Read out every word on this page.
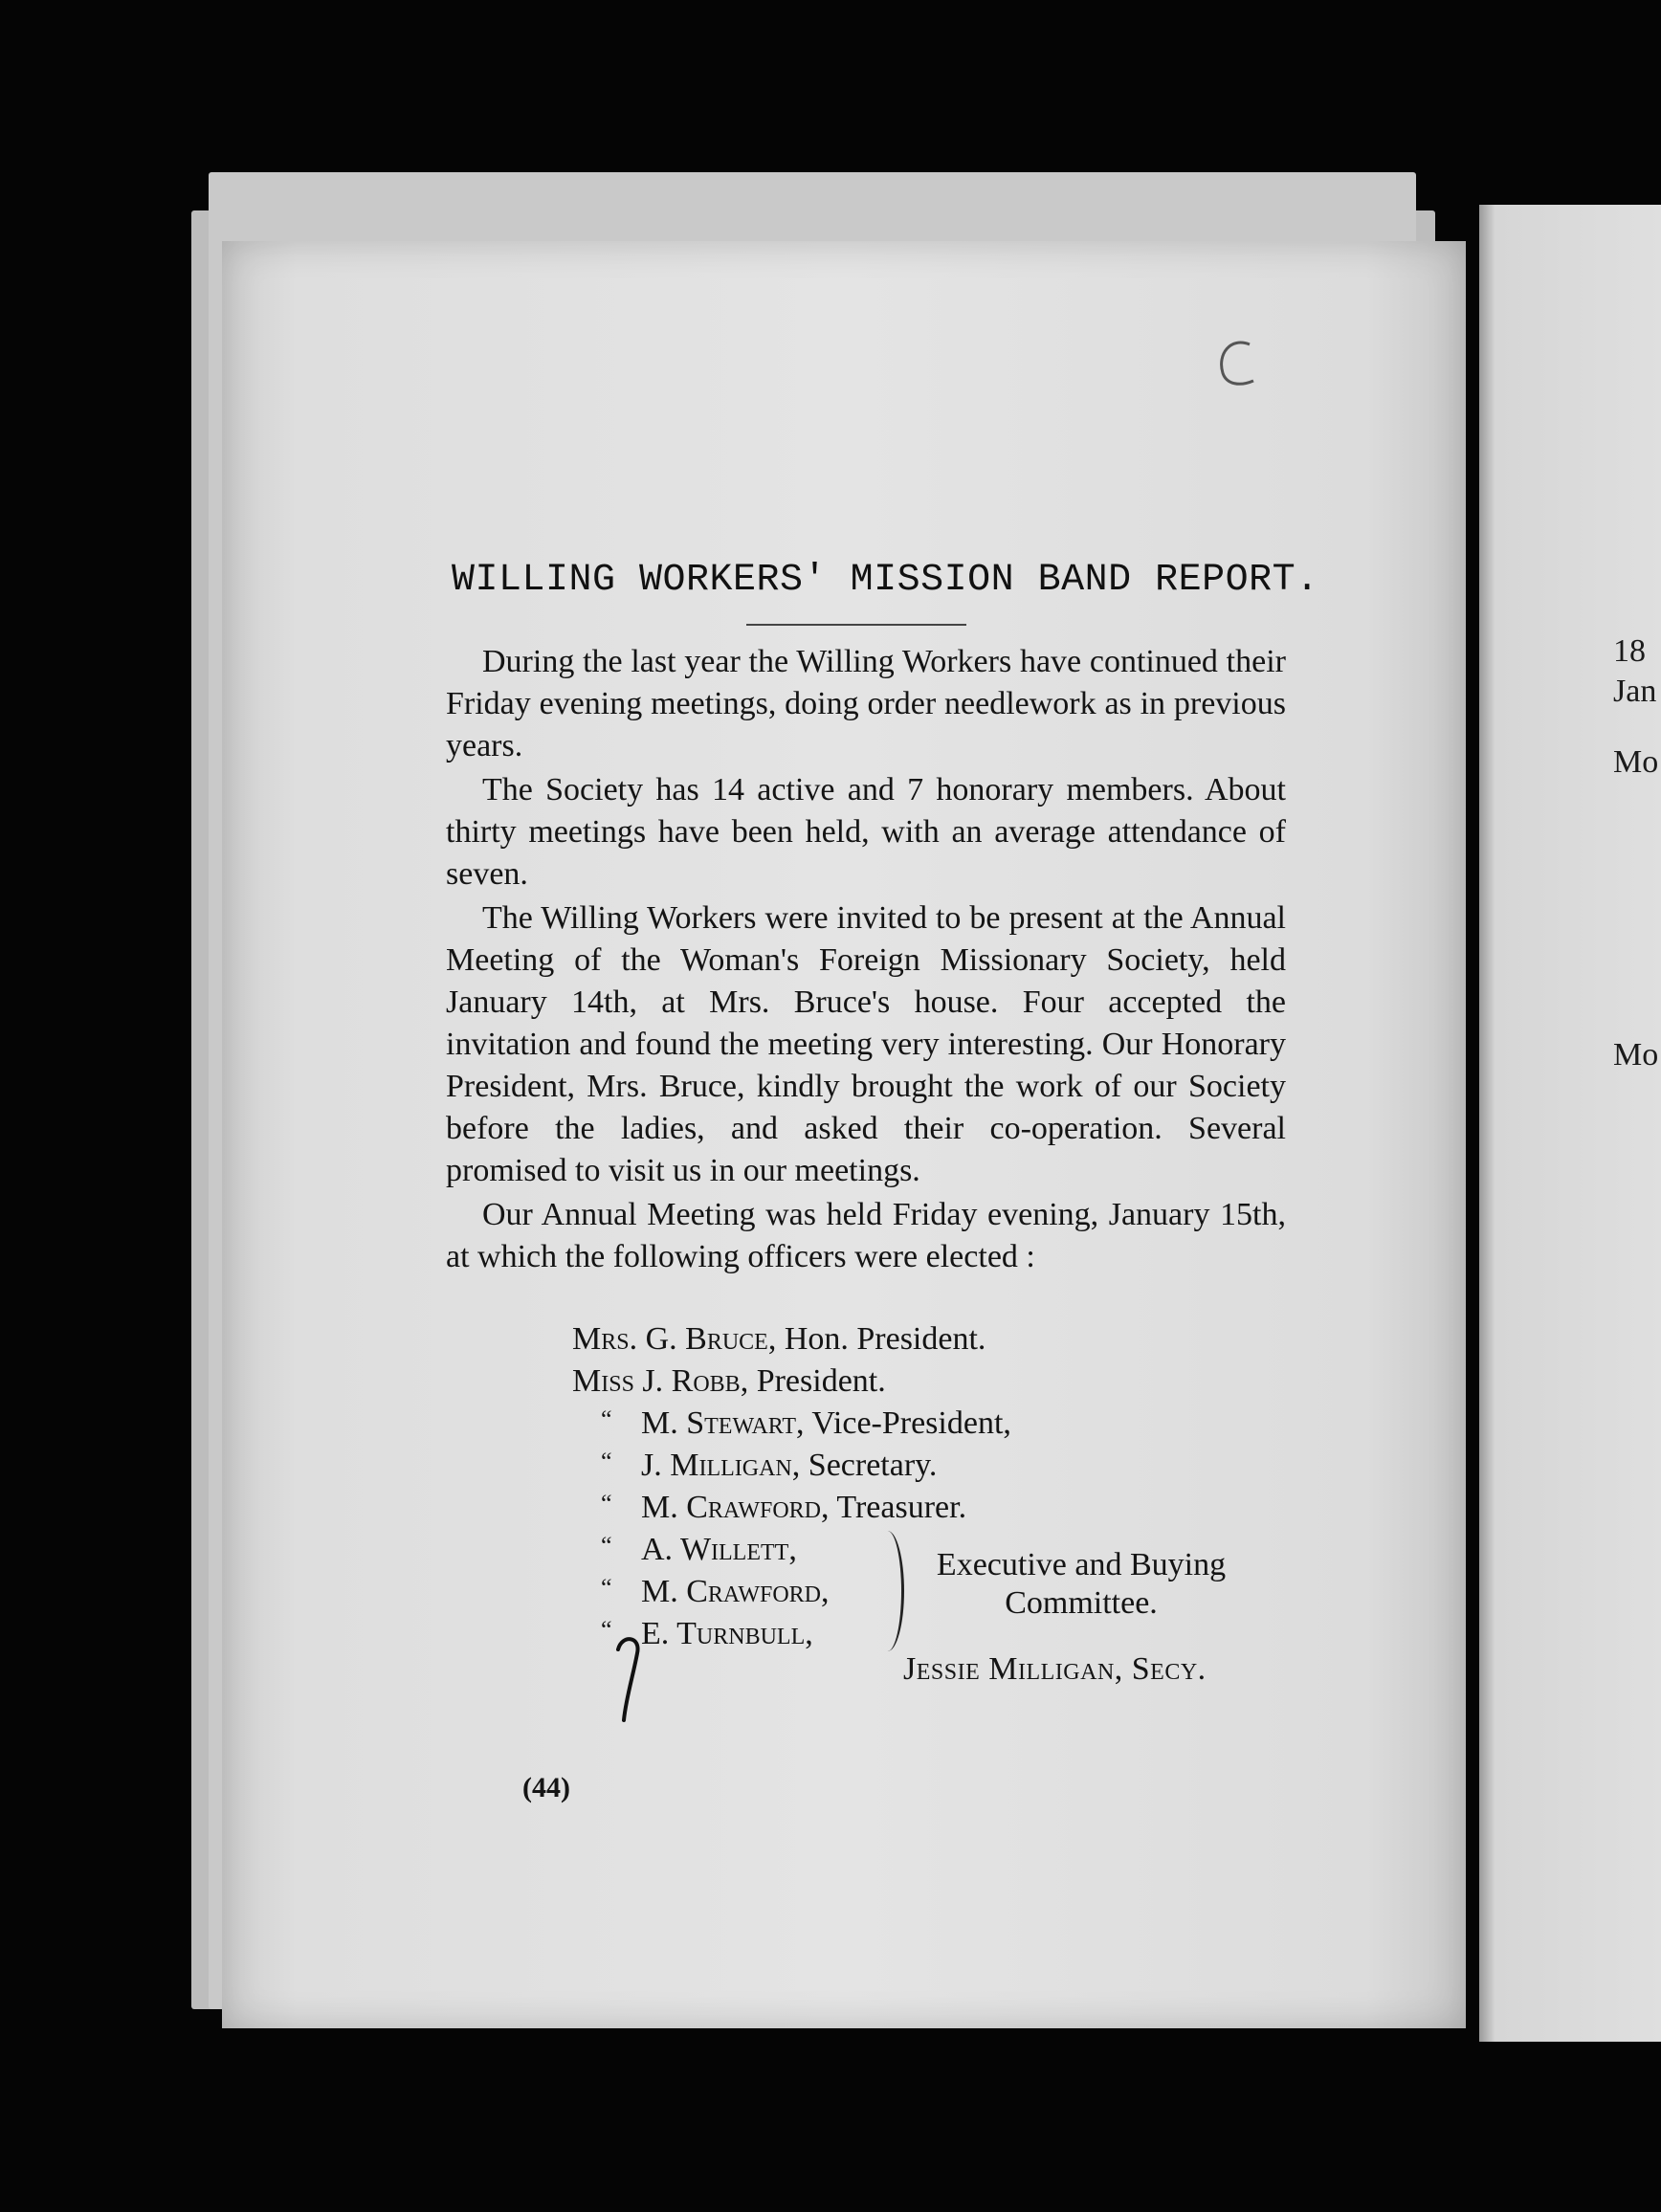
18
Jan
Mo
Mo
WILLING WORKERS' MISSION BAND REPORT.

During the last year the Willing Workers have continued their Friday evening meetings, doing order needlework as in previous years.

The Society has 14 active and 7 honorary members. About thirty meetings have been held, with an average attendance of seven.

The Willing Workers were invited to be present at the Annual Meeting of the Woman's Foreign Missionary Society, held January 14th, at Mrs. Bruce's house. Four accepted the invitation and found the meeting very interesting. Our Honorary President, Mrs. Bruce, kindly brought the work of our Society before the ladies, and asked their co-operation. Several promised to visit us in our meetings.

Our Annual Meeting was held Friday evening, January 15th, at which the following officers were elected :

Mrs. G. Bruce, Hon. President.
Miss J. Robb, President.
“ M. Stewart, Vice-President,
“ J. Milligan, Secretary.
“ M. Crawford, Treasurer.
“ A. Willett,
“ M. Crawford,
“ E. Turnbull,
Executive and Buying
Committee.
Jessie Milligan, Secy.
(44)
